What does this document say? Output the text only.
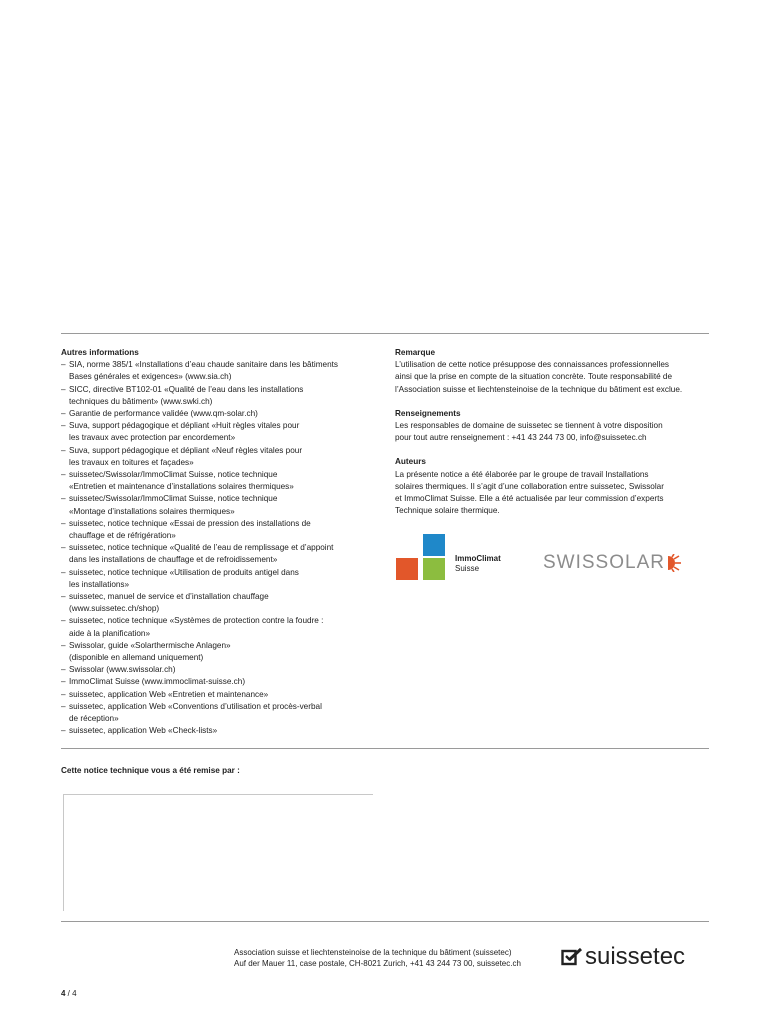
Autres informations
– SIA, norme 385/1 «Installations d’eau chaude sanitaire dans les bâtiments
Bases générales et exigences» (www.sia.ch)
– SICC, directive BT102-01 «Qualité de l’eau dans les installations
techniques du bâtiment» (www.swki.ch)
– Garantie de performance validée (www.qm-solar.ch)
– Suva, support pédagogique et dépliant «Huit règles vitales pour
les travaux avec protection par encordement»
– Suva, support pédagogique et dépliant «Neuf règles vitales pour
les travaux en toitures et façades»
– suissetec/Swissolar/ImmoClimat Suisse, notice technique
«Entretien et maintenance d’installations solaires thermiques»
– suissetec/Swissolar/ImmoClimat Suisse, notice technique
«Montage d’installations solaires thermiques»
– suissetec, notice technique «Essai de pression des installations de
chauffage et de réfrigération»
– suissetec, notice technique «Qualité de l’eau de remplissage et d’appoint
dans les installations de chauffage et de refroidissement»
– suissetec, notice technique «Utilisation de produits antigel dans
les installations»
– suissetec, manuel de service et d’installation chauffage
(www.suissetec.ch/shop)
– suissetec, notice technique «Systèmes de protection contre la foudre :
aide à la planification»
– Swissolar, guide «Solarthermische Anlagen»
(disponible en allemand uniquement)
– Swissolar (www.swissolar.ch)
– ImmoClimat Suisse (www.immoclimat-suisse.ch)
– suissetec, application Web «Entretien et maintenance»
– suissetec, application Web «Conventions d’utilisation et procès-verbal
de réception»
– suissetec, application Web «Check-lists»
Remarque
L’utilisation de cette notice présuppose des connaissances professionnelles
ainsi que la prise en compte de la situation concrète. Toute responsabilité de
l’Association suisse et liechtensteinoise de la technique du bâtiment est exclue.
Renseignements
Les responsables de domaine de suissetec se tiennent à votre disposition
pour tout autre renseignement : +41 43 244 73 00, info@suissetec.ch
Auteurs
La présente notice a été élaborée par le groupe de travail Installations
solaires thermiques. Il s’agit d’une collaboration entre suissetec, Swissolar
et ImmoClimat Suisse. Elle a été actualisée par leur commission d’experts
Technique solaire thermique.
ImmoClimat
Suisse	SWISSOLAR
Cette notice technique vous a été remise par :
Association suisse et liechtensteinoise de la technique du bâtiment (suissetec)
Auf der Mauer 11, case postale, CH-8021 Zurich, +41 43 244 73 00, suissetec.ch	suissetec
4 / 4
